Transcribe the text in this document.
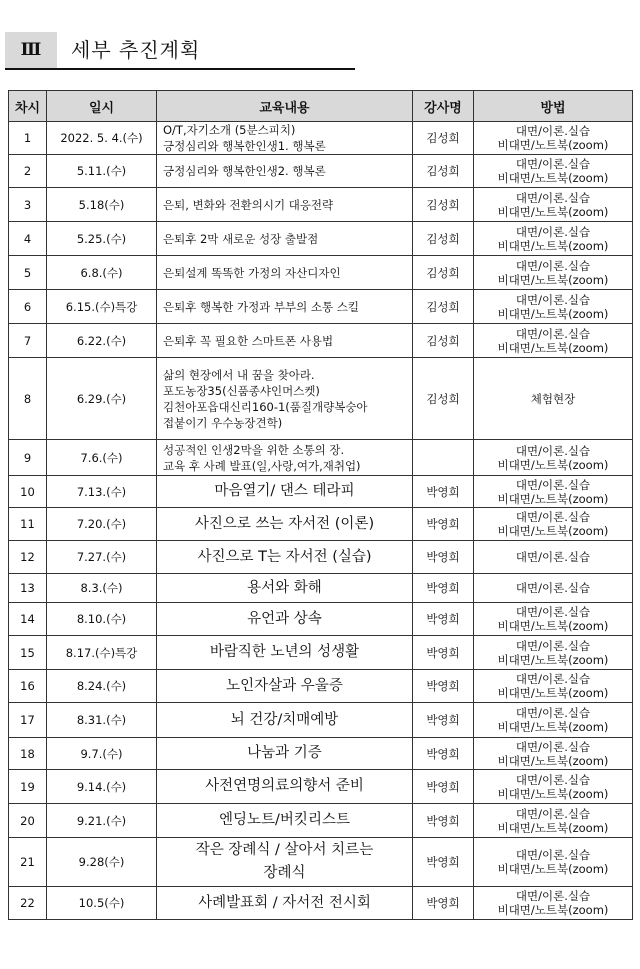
Ⅲ	세부 추진계획
차시	일시	교육내용	강사명	방법
1	2022. 5. 4.(수)	O/T,자기소개 (5분스피치)
긍정심리와 행복한인생1. 행복론	김성희	대면/이론.실습
비대면/노트북(zoom)

2	5.11.(수)	긍정심리와 행복한인생2. 행복론	김성희	대면/이론.실습
비대면/노트북(zoom)

3	5.18(수)	은퇴, 변화와 전환의시기 대응전략	김성희	대면/이론.실습
비대면/노트북(zoom)

4	5.25.(수)	은퇴후 2막 새로운 성장 출발점	김성희	대면/이론.실습
비대면/노트북(zoom)

5	6.8.(수)	은퇴설계 똑똑한 가정의 자산디자인	김성희	대면/이론.실습
비대면/노트북(zoom)

6	6.15.(수)특강	은퇴후 행복한 가정과 부부의 소통 스킬	김성희	대면/이론.실습
비대면/노트북(zoom)

7	6.22.(수)	은퇴후 꼭 필요한 스마트폰 사용법	김성희	대면/이론.실습
비대면/노트북(zoom)

8	6.29.(수)	삶의 현장에서 내 꿈을 찾아라.
포도농장35(신품종샤인머스켓)
김천아포읍대신리160-1(품질개량복숭아
접붙이기 우수농장견학)	김성희	체험현장

9	7.6.(수)	성공적인 인생2막을 위한 소통의 장.
교육 후 사례 발표(일,사랑,여가,재취업)		대면/이론.실습
비대면/노트북(zoom)

10	7.13.(수)	마음열기/ 댄스 테라피	박영희	대면/이론.실습
비대면/노트북(zoom)

11	7.20.(수)	사진으로 쓰는 자서전 (이론)	박영희	대면/이론.실습
비대면/노트북(zoom)

12	7.27.(수)	사진으로 T는 자서전 (실습)	박영희	대면/이론.실습

13	8.3.(수)	용서와 화해	박영희	대면/이론.실습

14	8.10.(수)	유언과 상속	박영희	대면/이론.실습
비대면/노트북(zoom)

15	8.17.(수)특강	바람직한 노년의 성생활	박영희	대면/이론.실습
비대면/노트북(zoom)

16	8.24.(수)	노인자살과 우울증	박영희	대면/이론.실습
비대면/노트북(zoom)

17	8.31.(수)	뇌 건강/치매예방	박영희	대면/이론.실습
비대면/노트북(zoom)

18	9.7.(수)	나눔과 기증	박영희	대면/이론.실습
비대면/노트북(zoom)

19	9.14.(수)	사전연명의료의향서 준비	박영희	대면/이론.실습
비대면/노트북(zoom)

20	9.21.(수)	엔딩노트/버킷리스트	박영희	대면/이론.실습
비대면/노트북(zoom)

21	9.28(수)	작은 장례식 / 살아서 치르는
장례식	박영희	대면/이론.실습
비대면/노트북(zoom)

22	10.5(수)	사례발표회 / 자서전 전시회	박영희	대면/이론.실습
비대면/노트북(zoom)
